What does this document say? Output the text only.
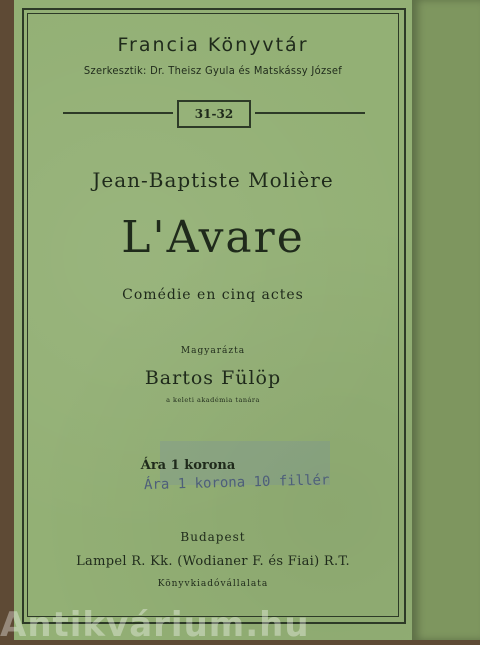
Francia Könyvtár
Szerkesztik: Dr. Theisz Gyula és Matskássy József
31-32
Jean-Baptiste Molière
L'Avare
Comédie en cinq actes
Magyarázta
Bartos Fülöp
a keleti akadémia tanára
Ára 1 korona
Ára 1 korona 10 fillér
Budapest
Lampel R. Kk. (Wodianer F. és Fiai) R.T.
Könyvkiadóvállalata
Antikvárium.hu
